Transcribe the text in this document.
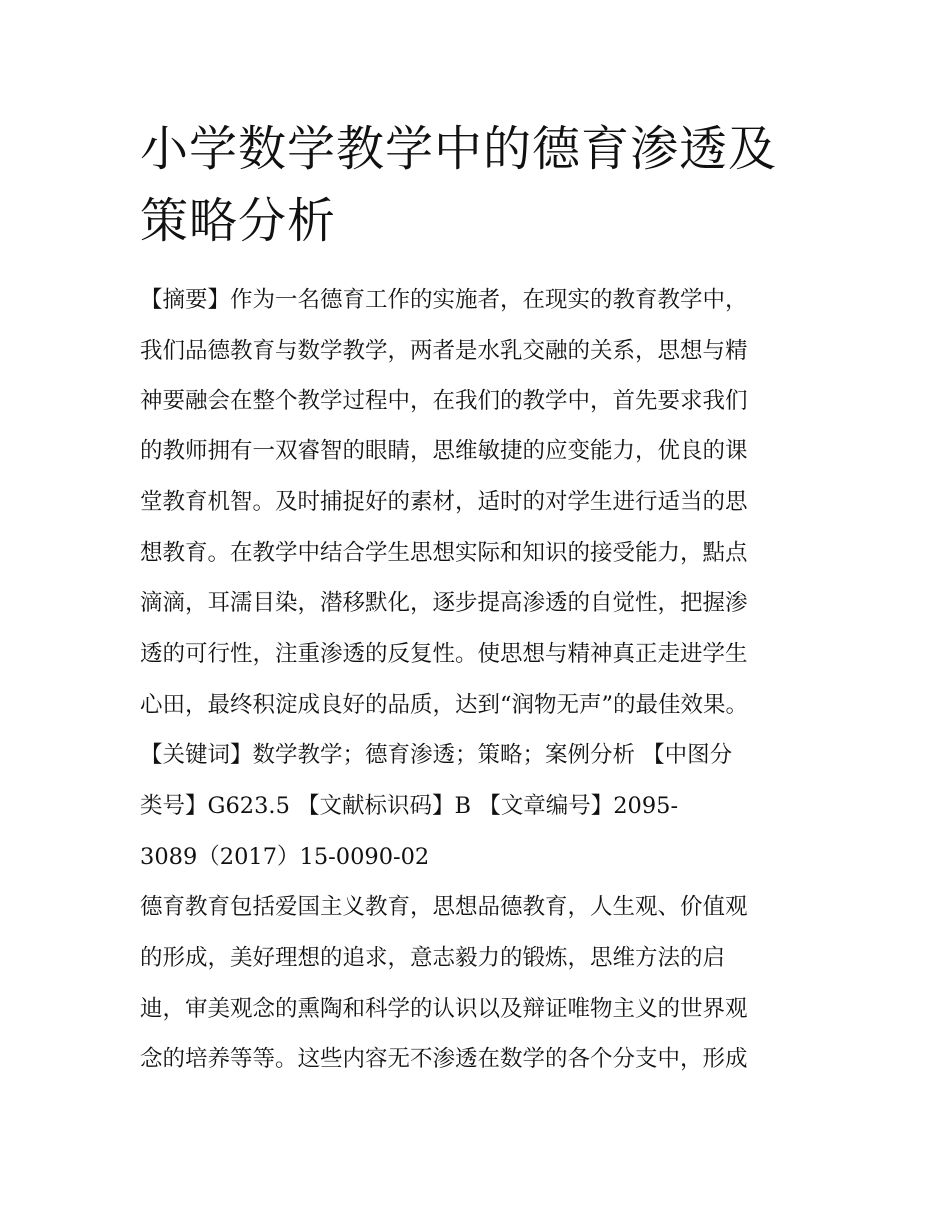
小学数学教学中的德育渗透及
策略分析

【摘要】作为一名德育工作的实施者，在现实的教育教学中，

我们品德教育与数学教学，两者是水乳交融的关系，思想与精

神要融会在整个教学过程中，在我们的教学中，首先要求我们

的教师拥有一双睿智的眼睛，思维敏捷的应变能力，优良的课

堂教育机智。及时捕捉好的素材，适时的对学生进行适当的思

想教育。在教学中结合学生思想实际和知识的接受能力，點点

滴滴，耳濡目染，潜移默化，逐步提高渗透的自觉性，把握渗

透的可行性，注重渗透的反复性。使思想与精神真正走进学生

心田，最终积淀成良好的品质，达到“润物无声”的最佳效果。

【关键词】数学教学；德育渗透；策略；案例分析 【中图分

类号】G623.5 【文献标识码】B 【文章编号】2095-

3089（2017）15-0090-02

德育教育包括爱国主义教育，思想品德教育，人生观、价值观

的形成，美好理想的追求，意志毅力的锻炼，思维方法的启

迪，审美观念的熏陶和科学的认识以及辩证唯物主义的世界观

念的培养等等。这些内容无不渗透在数学的各个分支中，形成
